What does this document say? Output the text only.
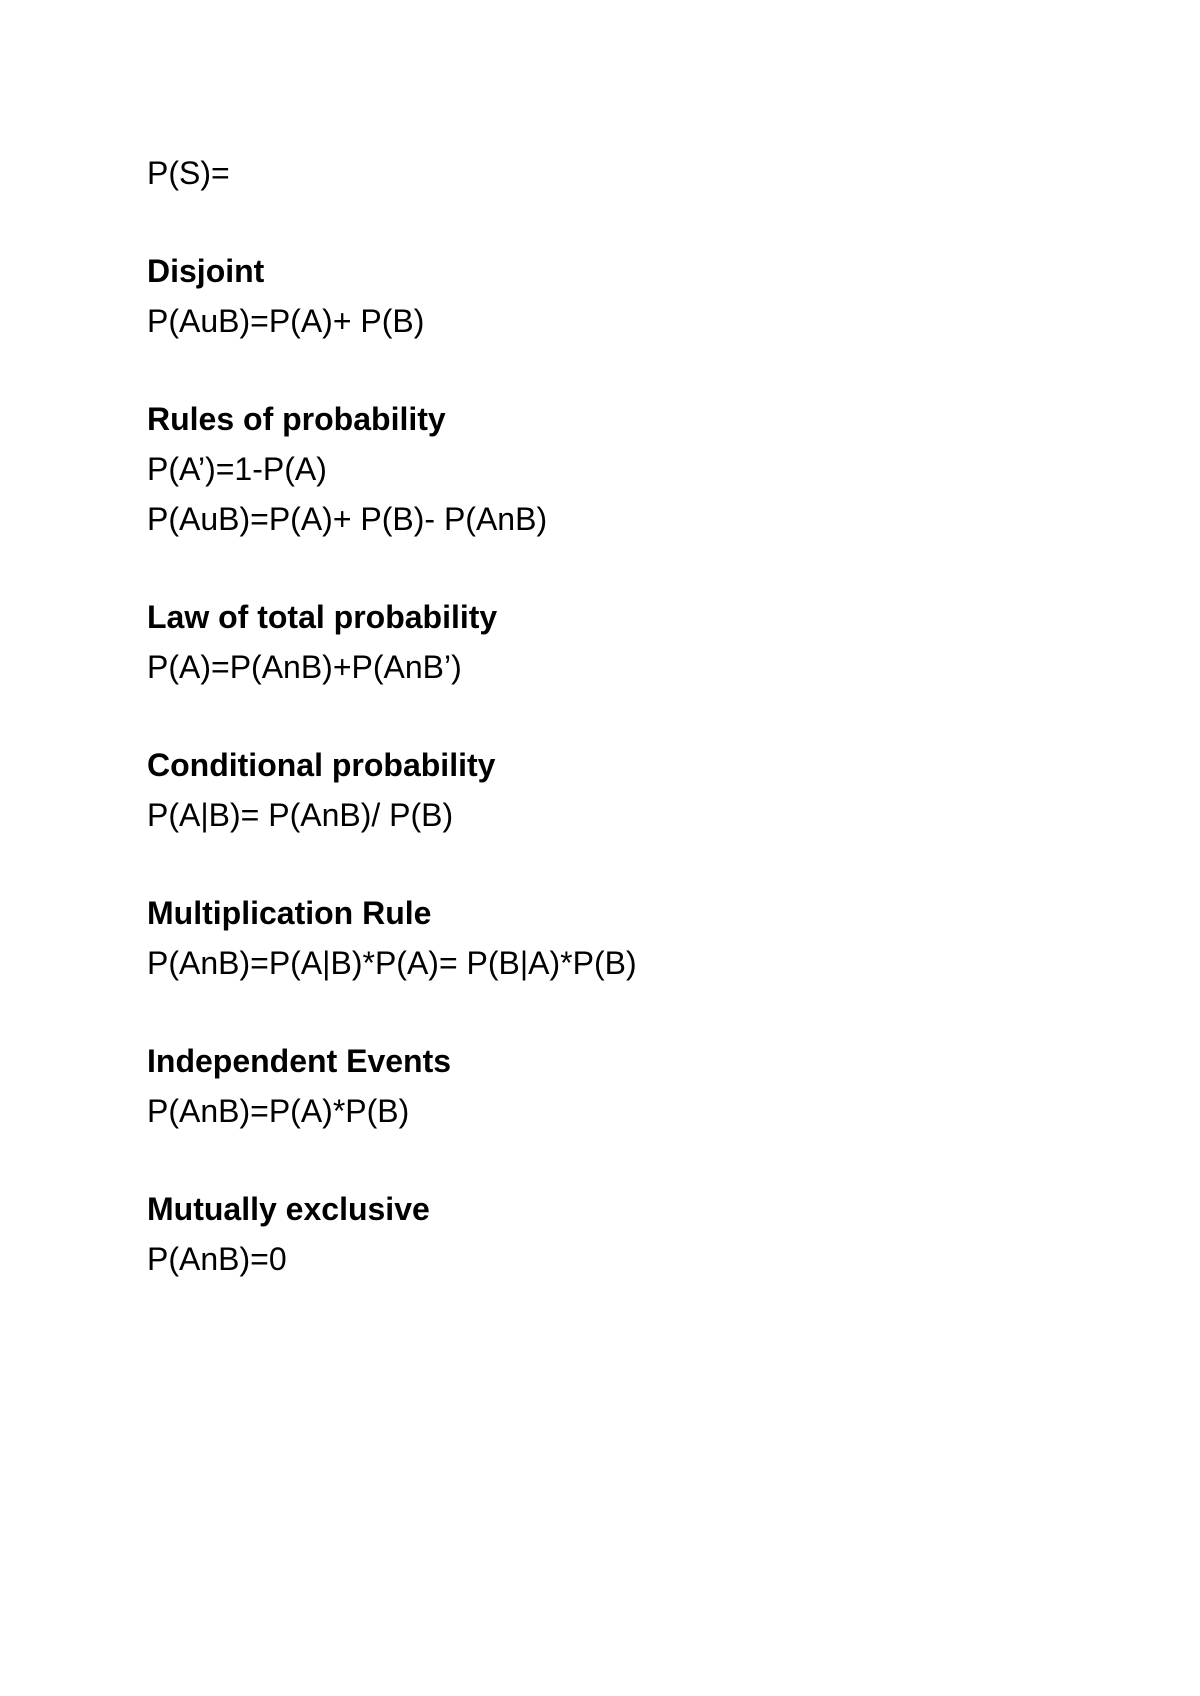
P(S)=
Disjoint
P(AuB)=P(A)+ P(B)
Rules of probability
P(A’)=1-P(A)
P(AuB)=P(A)+ P(B)- P(AnB)
Law of total probability
P(A)=P(AnB)+P(AnB’)
Conditional probability
P(A|B)= P(AnB)/ P(B)
Multiplication Rule
P(AnB)=P(A|B)*P(A)= P(B|A)*P(B)
Independent Events
P(AnB)=P(A)*P(B)
Mutually exclusive
P(AnB)=0
